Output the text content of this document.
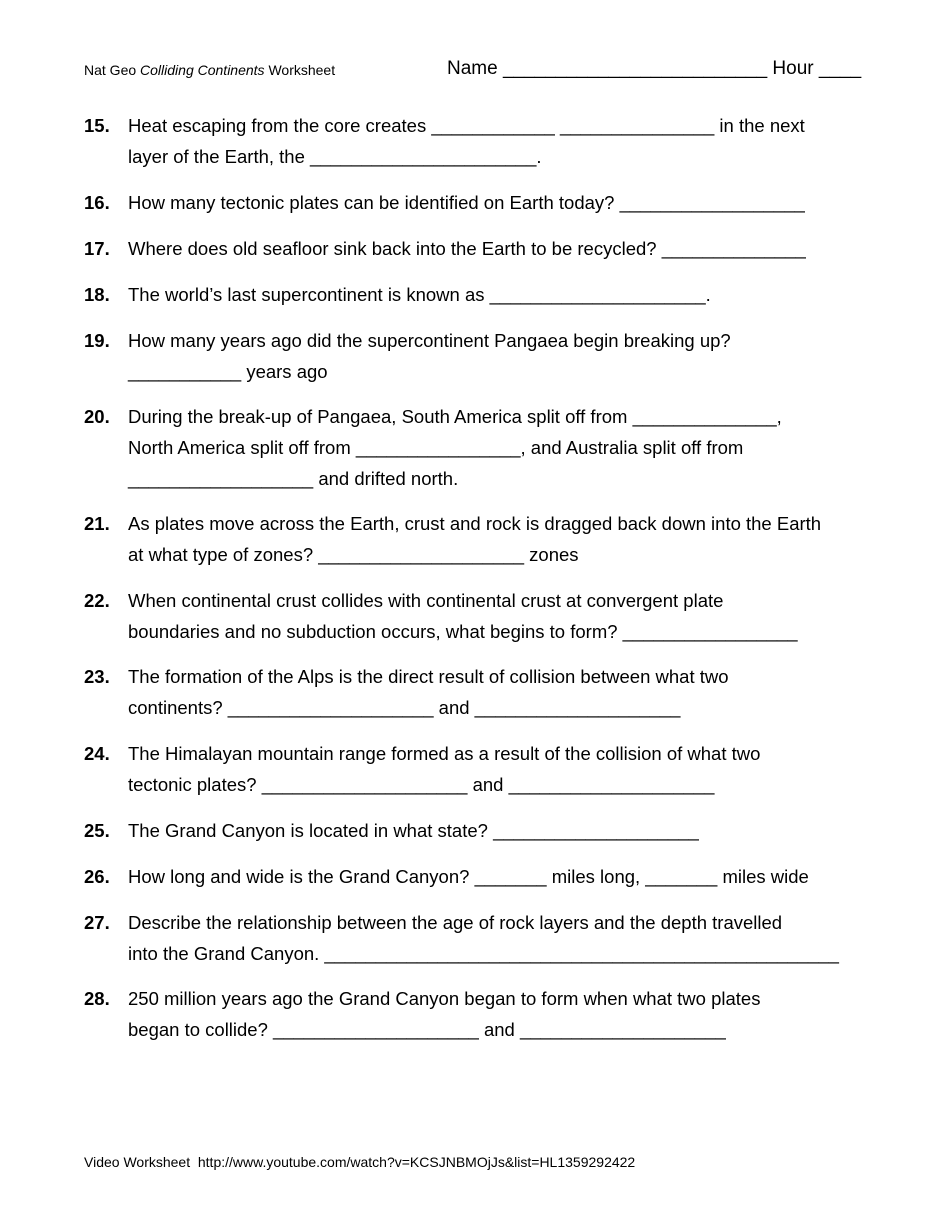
Nat Geo Colliding Continents Worksheet	Name _________________________ Hour ____
15. Heat escaping from the core creates ____________ _______________ in the next
layer of the Earth, the ______________________.
16. How many tectonic plates can be identified on Earth today? __________________
17. Where does old seafloor sink back into the Earth to be recycled? ______________
18. The world’s last supercontinent is known as _____________________.
19. How many years ago did the supercontinent Pangaea begin breaking up?
___________ years ago
20. During the break-up of Pangaea, South America split off from ______________,
North America split off from ________________, and Australia split off from
__________________ and drifted north.
21. As plates move across the Earth, crust and rock is dragged back down into the Earth
at what type of zones? ____________________ zones
22. When continental crust collides with continental crust at convergent plate
boundaries and no subduction occurs, what begins to form? _________________
23. The formation of the Alps is the direct result of collision between what two
continents? ____________________ and ____________________
24. The Himalayan mountain range formed as a result of the collision of what two
tectonic plates? ____________________ and ____________________
25. The Grand Canyon is located in what state? ____________________
26. How long and wide is the Grand Canyon? _______ miles long, _______ miles wide
27. Describe the relationship between the age of rock layers and the depth travelled
into the Grand Canyon. __________________________________________________
28. 250 million years ago the Grand Canyon began to form when what two plates
began to collide? ____________________ and ____________________
Video Worksheet  http://www.youtube.com/watch?v=KCSJNBMOjJs&list=HL1359292422
